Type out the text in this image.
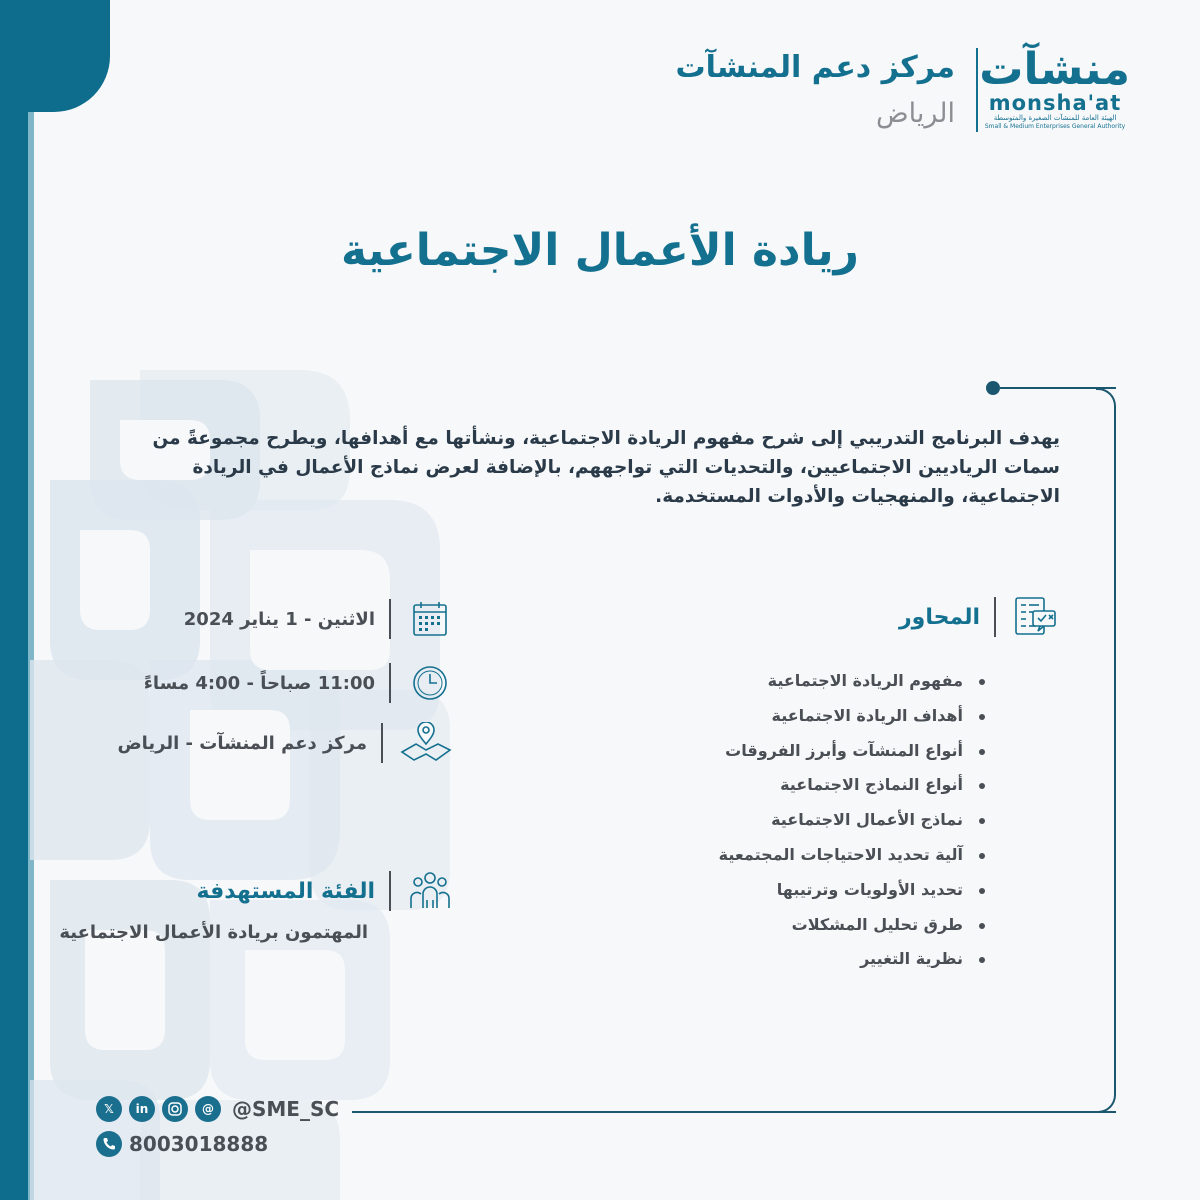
منشآت
monsha'at
الهيئة العامة للمنشآت الصغيرة والمتوسطة
Small & Medium Enterprises General Authority
مركز دعم المنشآت
الرياض
ريادة الأعمال الاجتماعية
يهدف البرنامج التدريبي إلى شرح مفهوم الريادة الاجتماعية، ونشأتها مع أهدافها، ويطرح مجموعةً من سمات الرياديين الاجتماعيين، والتحديات التي تواجههم، بالإضافة لعرض نماذج الأعمال في الريادة الاجتماعية، والمنهجيات والأدوات المستخدمة.
المحاور
مفهوم الريادة الاجتماعية
أهداف الريادة الاجتماعية
أنواع المنشآت وأبرز الفروقات
أنواع النماذج الاجتماعية
نماذج الأعمال الاجتماعية
آلية تحديد الاحتياجات المجتمعية
تحديد الأولويات وترتيبها
طرق تحليل المشكلات
نظرية التغيير
الاثنين - 1 يناير 2024
11:00 صباحاً - 4:00 مساءً
مركز دعم المنشآت - الرياض
الفئة المستهدفة
المهتمون بريادة الأعمال الاجتماعية
𝕏	in	@ @SME_SC
8003018888
